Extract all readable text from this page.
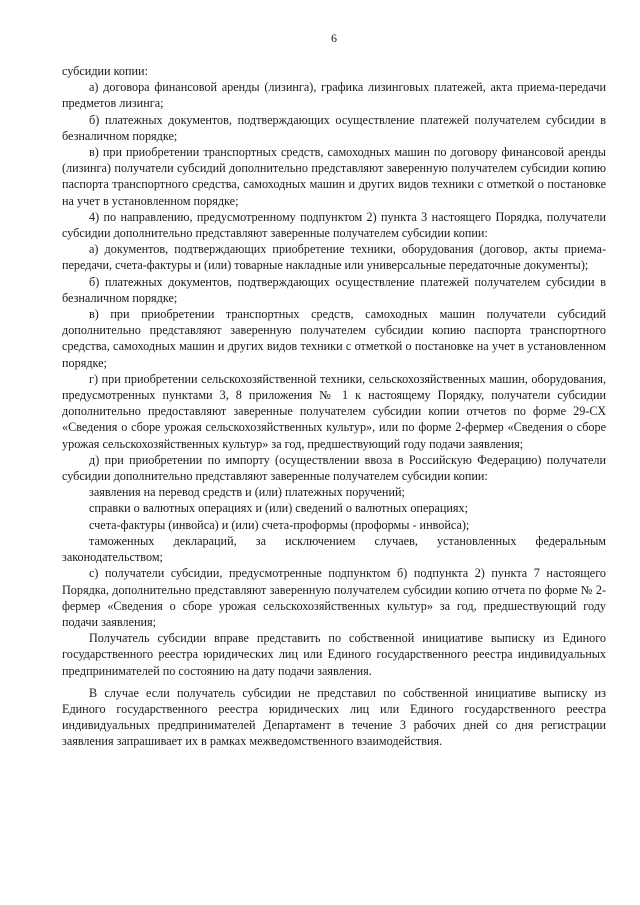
6

субсидии копии:

а) договора финансовой аренды (лизинга), графика лизинговых платежей, акта приема-передачи предметов лизинга;

б) платежных документов, подтверждающих осуществление платежей получателем субсидии в безналичном порядке;

в) при приобретении транспортных средств, самоходных машин по договору финансовой аренды (лизинга) получатели субсидий дополнительно представляют заверенную получателем субсидии копию паспорта транспортного средства, самоходных машин и других видов техники с отметкой о постановке на учет в установленном порядке;

4) по направлению, предусмотренному подпунктом 2) пункта 3 настоящего Порядка, получатели субсидии дополнительно представляют заверенные получателем субсидии копии:

а) документов, подтверждающих приобретение техники, оборудования (договор, акты приема-передачи, счета-фактуры и (или) товарные накладные или универсальные передаточные документы);

б) платежных документов, подтверждающих осуществление платежей получателем субсидии в безналичном порядке;

в) при приобретении транспортных средств, самоходных машин получатели субсидий дополнительно представляют заверенную получателем субсидии копию паспорта транспортного средства, самоходных машин и других видов техники с отметкой о постановке на учет в установленном порядке;

г) при приобретении сельскохозяйственной техники, сельскохозяйственных машин, оборудования, предусмотренных пунктами 3, 8 приложения № 1 к настоящему Порядку, получатели субсидии дополнительно предоставляют заверенные получателем субсидии копии отчетов по форме 29-СХ «Сведения о сборе урожая сельскохозяйственных культур», или по форме 2-фермер «Сведения о сборе урожая сельскохозяйственных культур» за год, предшествующий году подачи заявления;

д) при приобретении по импорту (осуществлении ввоза в Российскую Федерацию) получатели субсидии дополнительно представляют заверенные получателем субсидии копии:

заявления на перевод средств и (или) платежных поручений;

справки о валютных операциях и (или) сведений о валютных операциях;

счета-фактуры (инвойса) и (или) счета-проформы (проформы - инвойса);

таможенных деклараций, за исключением случаев, установленных федеральным законодательством;

с) получатели субсидии, предусмотренные подпунктом б) подпункта 2) пункта 7 настоящего Порядка, дополнительно представляют заверенную получателем субсидии копию отчета по форме № 2-фермер «Сведения о сборе урожая сельскохозяйственных культур» за год, предшествующий году подачи заявления;

Получатель субсидии вправе представить по собственной инициативе выписку из Единого государственного реестра юридических лиц или Единого государственного реестра индивидуальных предпринимателей по состоянию на дату подачи заявления.

В случае если получатель субсидии не представил по собственной инициативе выписку из Единого государственного реестра юридических лиц или Единого государственного реестра индивидуальных предпринимателей Департамент в течение 3 рабочих дней со дня регистрации заявления запрашивает их в рамках межведомственного взаимодействия.
